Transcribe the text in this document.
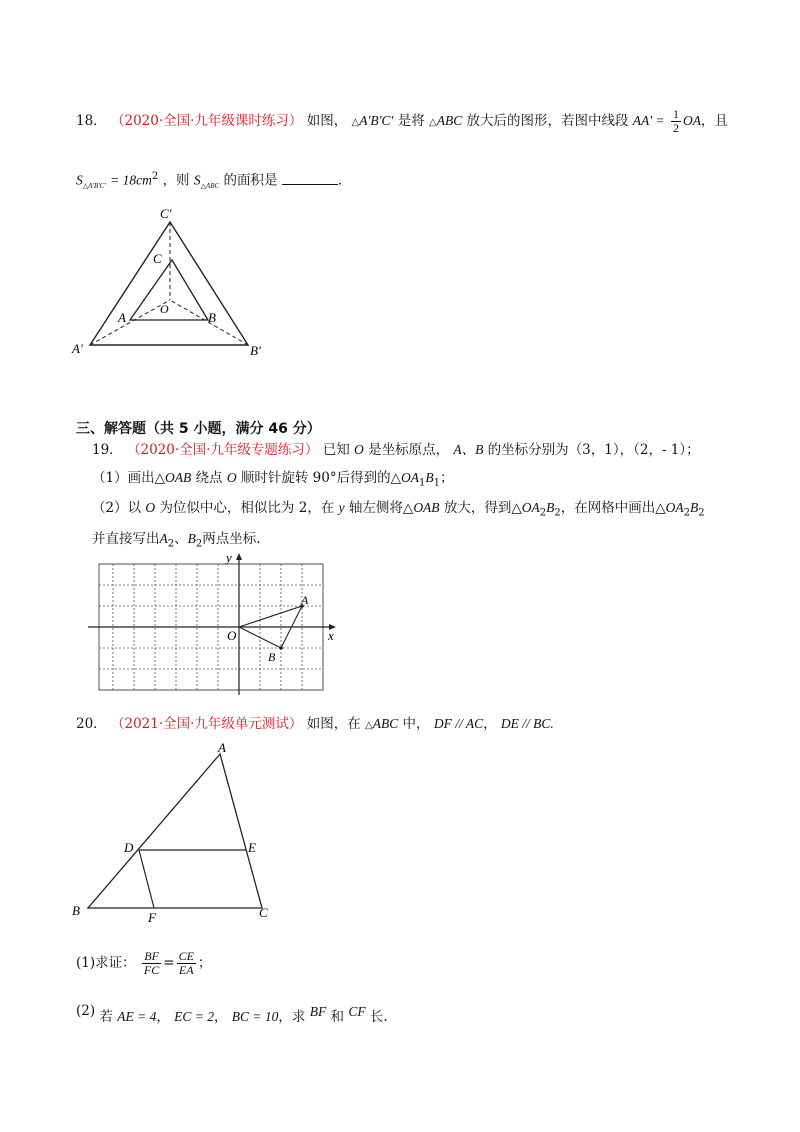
18． （2020·全国·九年级课时练习） 如图， △A'B'C' 是将 △ABC 放大后的图形，若图中线段 $AA' = \frac{1}{2}$ OA，且
$S_{\triangle A'B'C'} = 18cm^2$ ，则 $S_{\triangle ABC}$ 的面积是	．
C'
C
O
A	B
A'	B'
三、解答题（共 5 小题，满分 46 分）
19． （2020·全国·九年级专题练习） 已知 O 是坐标原点， A、B 的坐标分别为（3，1），（2，- 1）；
（1）画出△OAB 绕点 O 顺时针旋转 90°后得到的$\triangle OA_1B_1$；
（2）以 O 为位似中心，相似比为 2，在 y 轴左侧将△OAB 放大，得到$\triangle OA_2B_2$，在网格中画出$\triangle OA_2B_2$
并直接写出$A_2$、$B_2$两点坐标.
y
x
O
A
B
20． （2021·全国·九年级单元测试） 如图，在 △ABC 中， DF // AC， DE // BC.
A
D	E
B	F	C
(1)求证： $\frac{BF}{FC} = \frac{CE}{EA}$ ；
(2) 若 AE = 4， EC = 2， BC = 10，求 BF 和 CF 长.
